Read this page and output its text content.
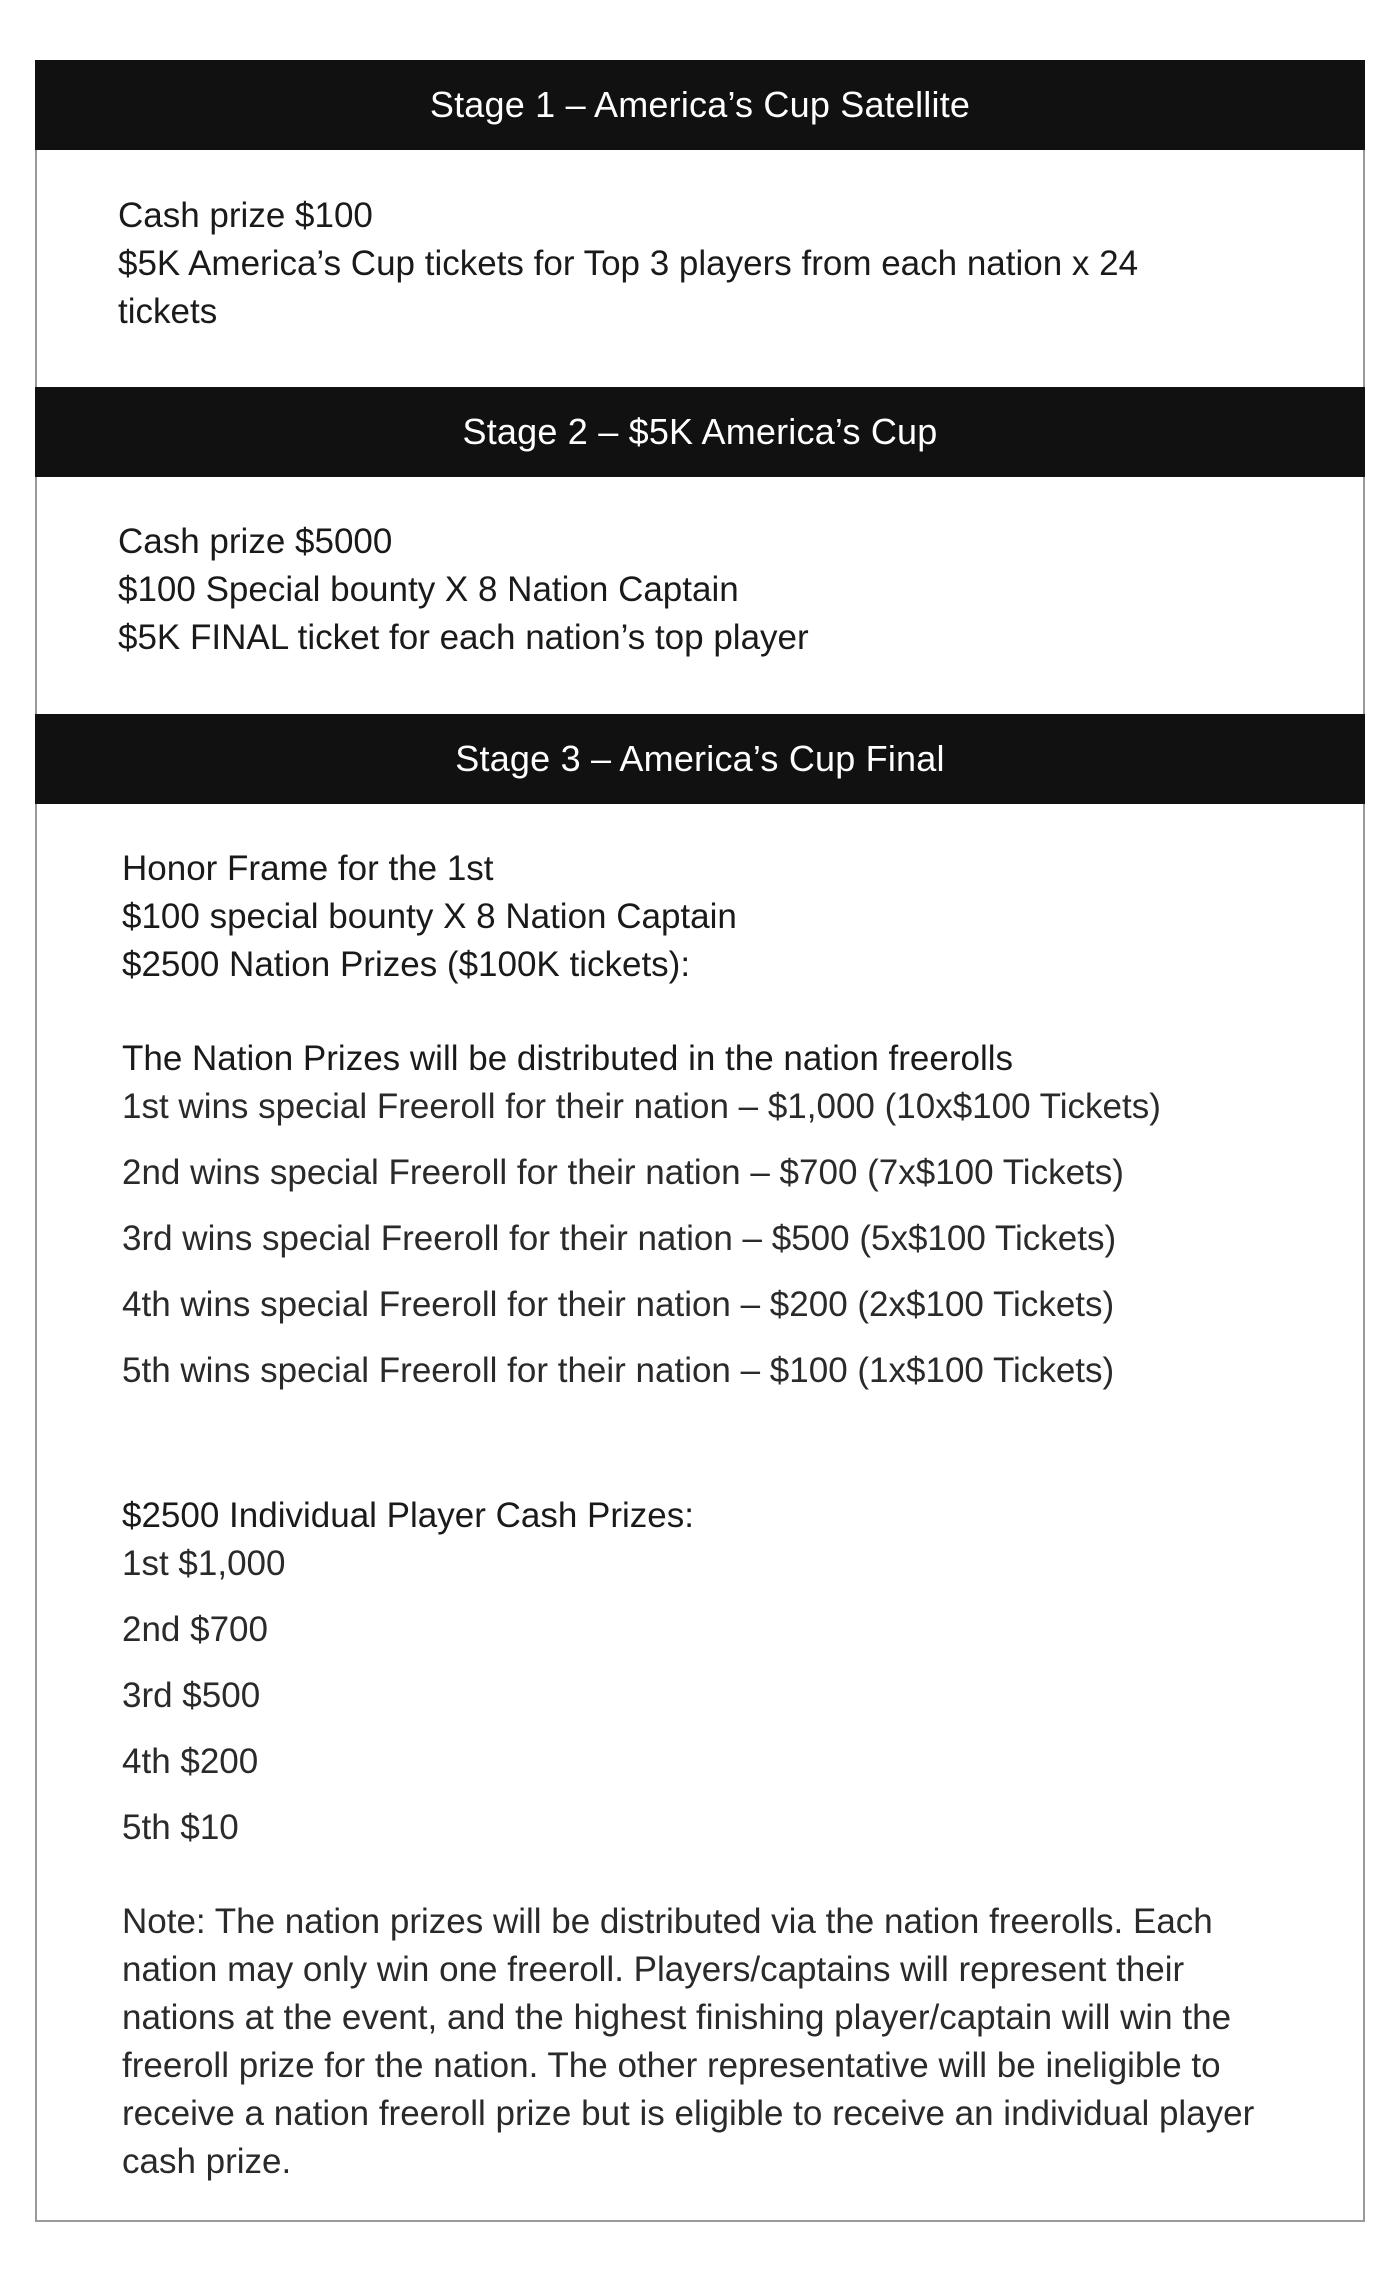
Stage 1 – America’s Cup Satellite
Cash prize $100
$5K America’s Cup tickets for Top 3 players from each nation x 24 tickets
Stage 2 – $5K America’s Cup
Cash prize $5000
$100 Special bounty X 8 Nation Captain
$5K FINAL ticket for each nation’s top player
Stage 3 – America’s Cup Final
Honor Frame for the 1st
$100 special bounty X 8 Nation Captain
$2500 Nation Prizes ($100K tickets):
The Nation Prizes will be distributed in the nation freerolls
1st wins special Freeroll for their nation – $1,000 (10x$100 Tickets)
2nd wins special Freeroll for their nation – $700 (7x$100 Tickets)
3rd wins special Freeroll for their nation – $500 (5x$100 Tickets)
4th wins special Freeroll for their nation – $200 (2x$100 Tickets)
5th wins special Freeroll for their nation – $100 (1x$100 Tickets)
$2500 Individual Player Cash Prizes:
1st $1,000
2nd $700
3rd $500
4th $200
5th $10
Note: The nation prizes will be distributed via the nation freerolls. Each nation may only win one freeroll. Players/captains will represent their nations at the event, and the highest finishing player/captain will win the freeroll prize for the nation. The other representative will be ineligible to receive a nation freeroll prize but is eligible to receive an individual player cash prize.
